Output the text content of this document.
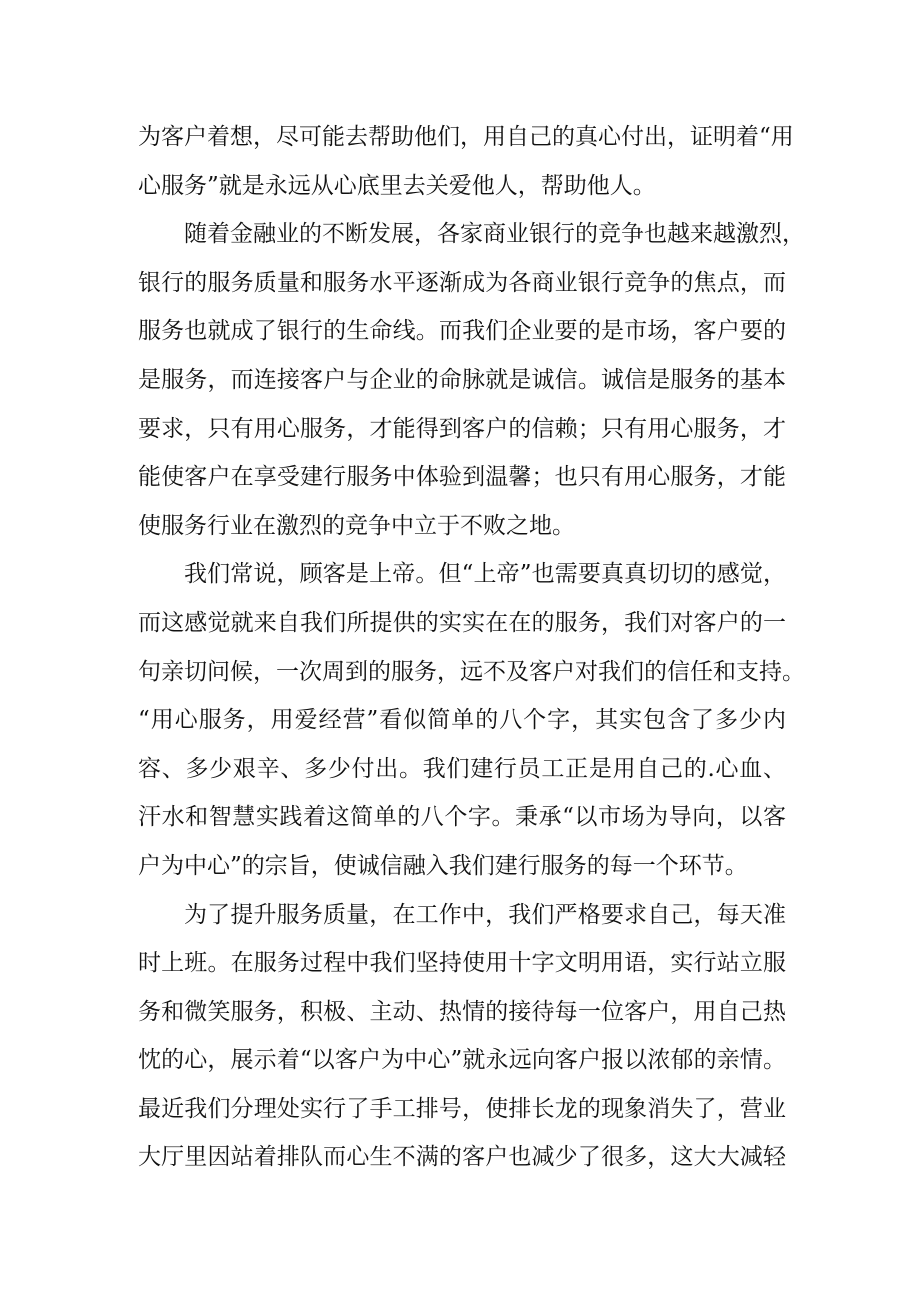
为客户着想，尽可能去帮助他们，用自己的真心付出，证明着“用
心服务”就是永远从心底里去关爱他人，帮助他人。
随着金融业的不断发展，各家商业银行的竞争也越来越激烈，
银行的服务质量和服务水平逐渐成为各商业银行竞争的焦点，而
服务也就成了银行的生命线。而我们企业要的是市场，客户要的
是服务，而连接客户与企业的命脉就是诚信。诚信是服务的基本
要求，只有用心服务，才能得到客户的信赖；只有用心服务，才
能使客户在享受建行服务中体验到温馨；也只有用心服务，才能
使服务行业在激烈的竞争中立于不败之地。
我们常说，顾客是上帝。但“上帝”也需要真真切切的感觉，
而这感觉就来自我们所提供的实实在在的服务，我们对客户的一
句亲切问候，一次周到的服务，远不及客户对我们的信任和支持。
“用心服务，用爱经营”看似简单的八个字，其实包含了多少内
容、多少艰辛、多少付出。我们建行员工正是用自己的.心血、
汗水和智慧实践着这简单的八个字。秉承“以市场为导向，以客
户为中心”的宗旨，使诚信融入我们建行服务的每一个环节。
为了提升服务质量，在工作中，我们严格要求自己，每天准
时上班。在服务过程中我们坚持使用十字文明用语，实行站立服
务和微笑服务，积极、主动、热情的接待每一位客户，用自己热
忱的心，展示着“以客户为中心”就永远向客户报以浓郁的亲情。
最近我们分理处实行了手工排号，使排长龙的现象消失了，营业
大厅里因站着排队而心生不满的客户也减少了很多，这大大减轻
